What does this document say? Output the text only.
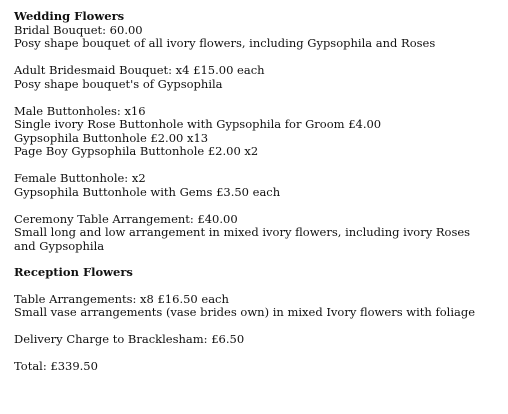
Wedding Flowers

Bridal Bouquet: 60.00

Posy shape bouquet of all ivory flowers, including Gypsophila and Roses

Adult Bridesmaid Bouquet: x4 £15.00 each

Posy shape bouquet's of Gypsophila

Male Buttonholes: x16

Single ivory Rose Buttonhole with Gypsophila for Groom £4.00

Gypsophila Buttonhole £2.00 x13

Page Boy Gypsophila Buttonhole £2.00 x2

Female Buttonhole: x2

Gypsophila Buttonhole with Gems £3.50 each

Ceremony Table Arrangement: £40.00

Small long and low arrangement in mixed ivory flowers, including ivory Roses and Gypsophila

Reception Flowers

Table Arrangements: x8 £16.50 each

Small vase arrangements (vase brides own) in mixed Ivory flowers with foliage

Delivery Charge to Bracklesham: £6.50

Total: £339.50
